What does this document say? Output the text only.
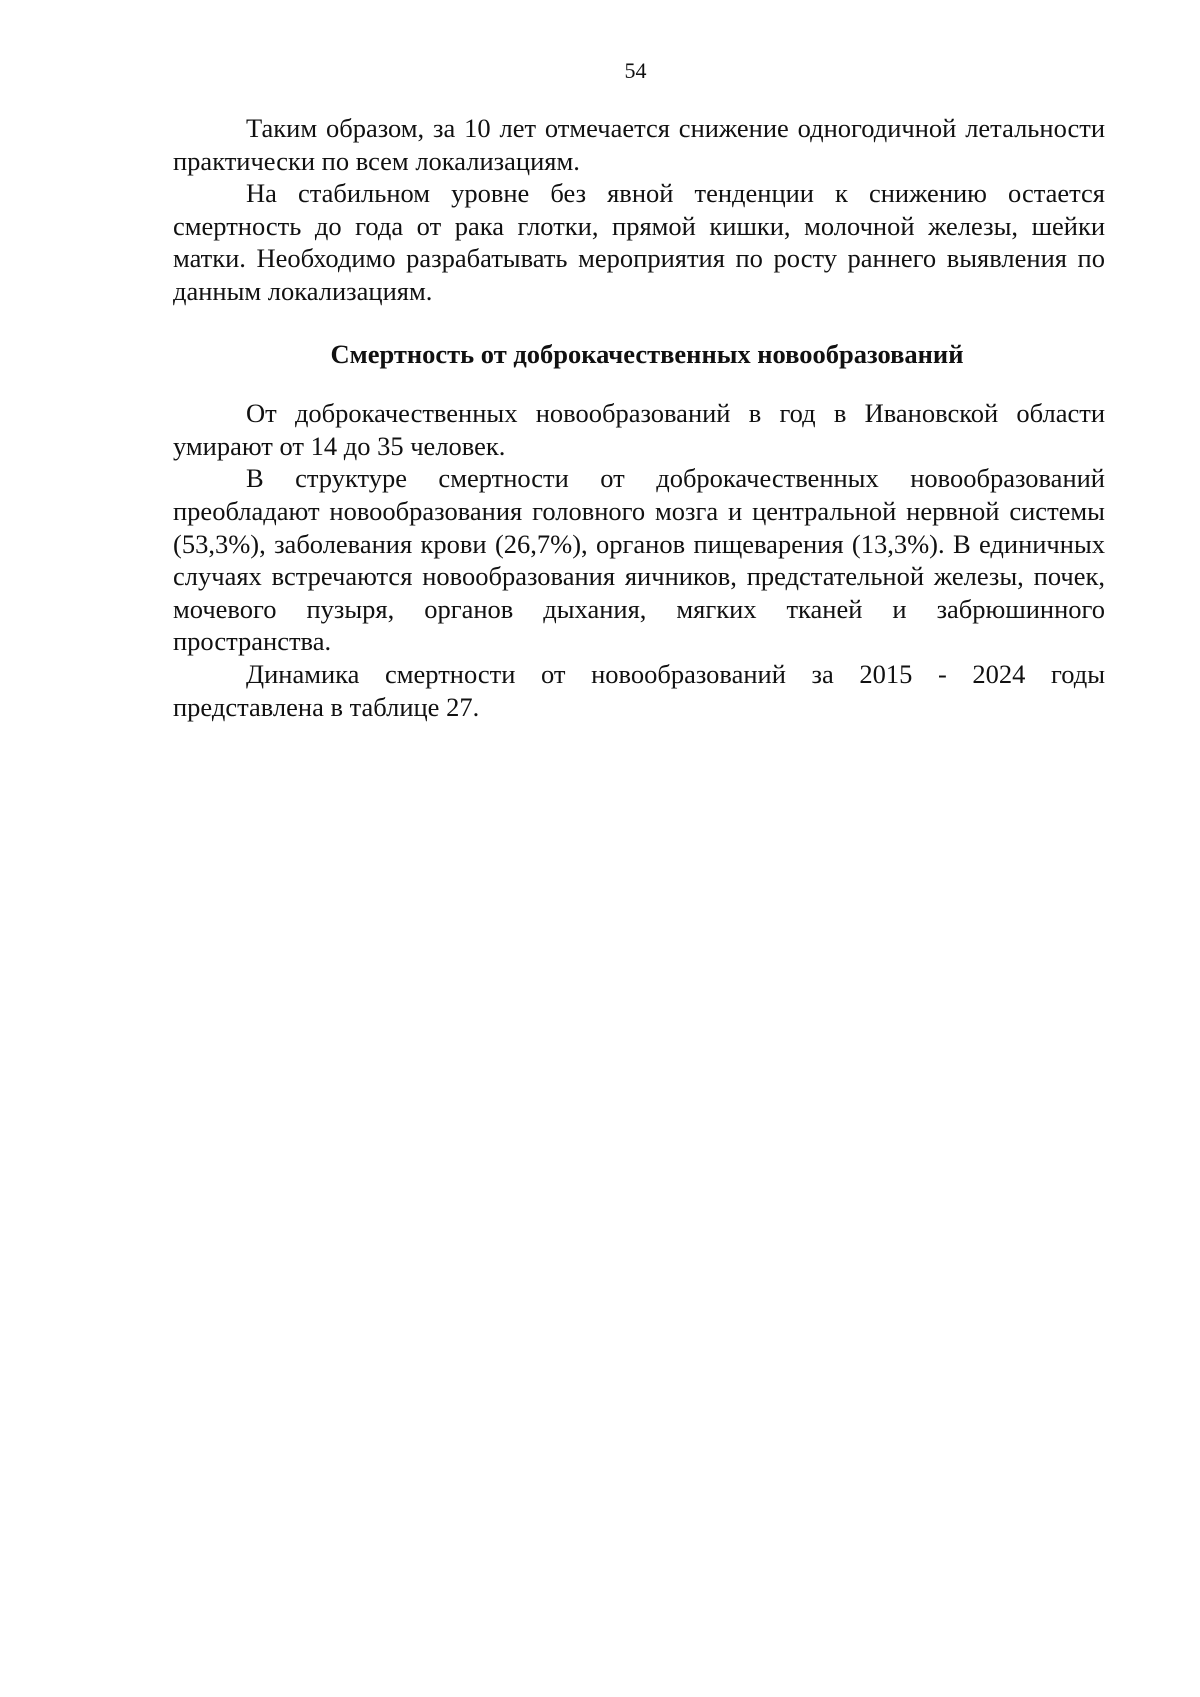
54

Таким образом, за 10 лет отмечается снижение одногодичной летальности практически по всем локализациям.

На стабильном уровне без явной тенденции к снижению остается смертность до года от рака глотки, прямой кишки, молочной железы, шейки матки. Необходимо разрабатывать мероприятия по росту раннего выявления по данным локализациям.

Смертность от доброкачественных новообразований

От доброкачественных новообразований в год в Ивановской области умирают от 14 до 35 человек.

В структуре смертности от доброкачественных новообразований преобладают новообразования головного мозга и центральной нервной системы (53,3%), заболевания крови (26,7%), органов пищеварения (13,3%). В единичных случаях встречаются новообразования яичников, предстательной железы, почек, мочевого пузыря, органов дыхания, мягких тканей и забрюшинного пространства.

Динамика смертности от новообразований за 2015 - 2024 годы представлена в таблице 27.
